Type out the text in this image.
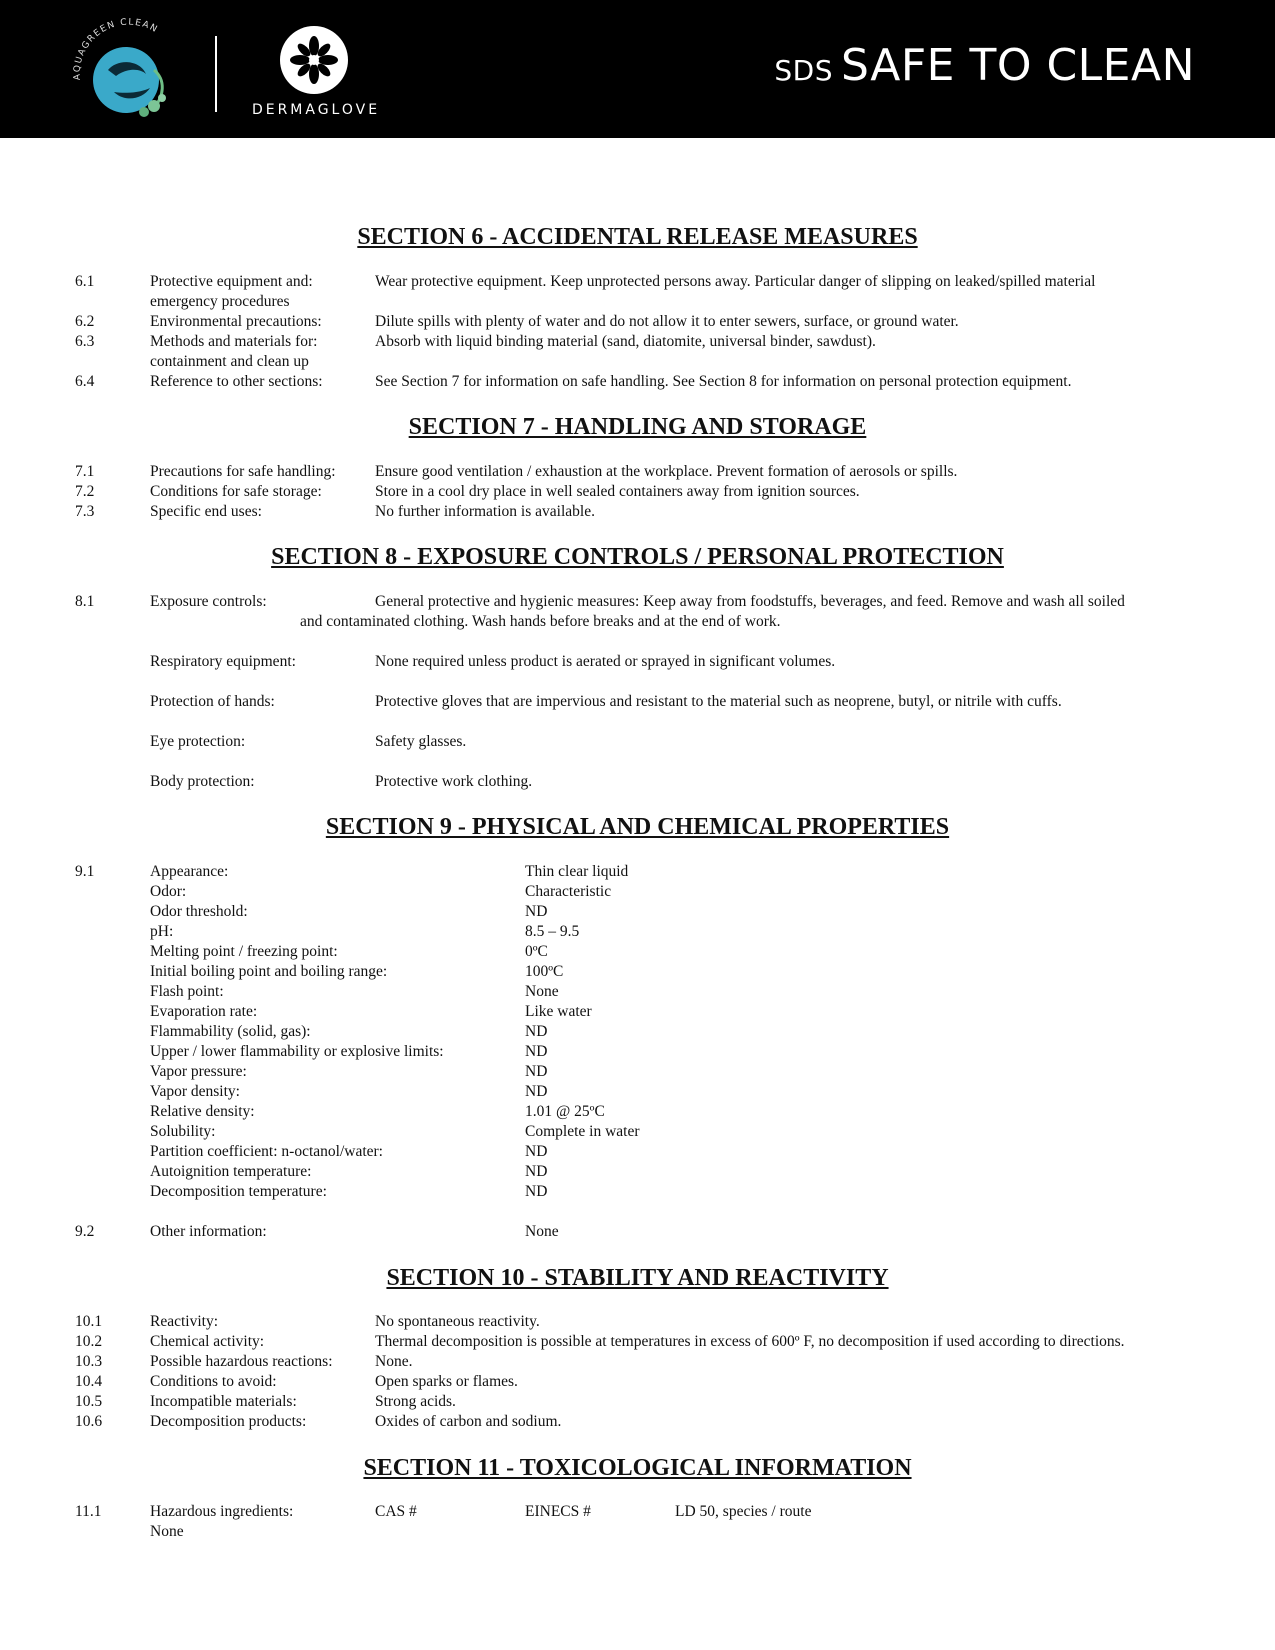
AQUAGREEN CLEAN
DERMAGLOVE
SDS SAFE TO CLEAN
SECTION 6 - ACCIDENTAL RELEASE MEASURES
6.1	Protective equipment and:	Wear protective equipment. Keep unprotected persons away. Particular danger of slipping on leaked/spilled material
emergency procedures
6.2	Environmental precautions:	Dilute spills with plenty of water and do not allow it to enter sewers, surface, or ground water.
6.3	Methods and materials for:	Absorb with liquid binding material (sand, diatomite, universal binder, sawdust).
containment and clean up
6.4	Reference to other sections:	See Section 7 for information on safe handling. See Section 8 for information on personal protection equipment.
SECTION 7 - HANDLING AND STORAGE
7.1	Precautions for safe handling:	Ensure good ventilation / exhaustion at the workplace. Prevent formation of aerosols or spills.
7.2	Conditions for safe storage:	Store in a cool dry place in well sealed containers away from ignition sources.
7.3	Specific end uses:	No further information is available.
SECTION 8 - EXPOSURE CONTROLS / PERSONAL PROTECTION
8.1	Exposure controls:	General protective and hygienic measures: Keep away from foodstuffs, beverages, and feed. Remove and wash all soiled
and contaminated clothing. Wash hands before breaks and at the end of work.
Respiratory equipment:	None required unless product is aerated or sprayed in significant volumes.
Protection of hands:	Protective gloves that are impervious and resistant to the material such as neoprene, butyl, or nitrile with cuffs.
Eye protection:	Safety glasses.
Body protection:	Protective work clothing.
SECTION 9 - PHYSICAL AND CHEMICAL PROPERTIES
9.1	Appearance:	Thin clear liquid
Odor:	Characteristic
Odor threshold:	ND
pH:	8.5 – 9.5
Melting point / freezing point:	0ºC
Initial boiling point and boiling range:	100ºC
Flash point:	None
Evaporation rate:	Like water
Flammability (solid, gas):	ND
Upper / lower flammability or explosive limits:	ND
Vapor pressure:	ND
Vapor density:	ND
Relative density:	1.01 @ 25ºC
Solubility:	Complete in water
Partition coefficient: n-octanol/water:	ND
Autoignition temperature:	ND
Decomposition temperature:	ND
9.2	Other information:	None
SECTION 10 - STABILITY AND REACTIVITY
10.1	Reactivity:	No spontaneous reactivity.
10.2	Chemical activity:	Thermal decomposition is possible at temperatures in excess of 600º F, no decomposition if used according to directions.
10.3	Possible hazardous reactions:	None.
10.4	Conditions to avoid:	Open sparks or flames.
10.5	Incompatible materials:	Strong acids.
10.6	Decomposition products:	Oxides of carbon and sodium.
SECTION 11 - TOXICOLOGICAL INFORMATION
11.1	Hazardous ingredients:	CAS #	EINECS #	LD 50, species / route
None
